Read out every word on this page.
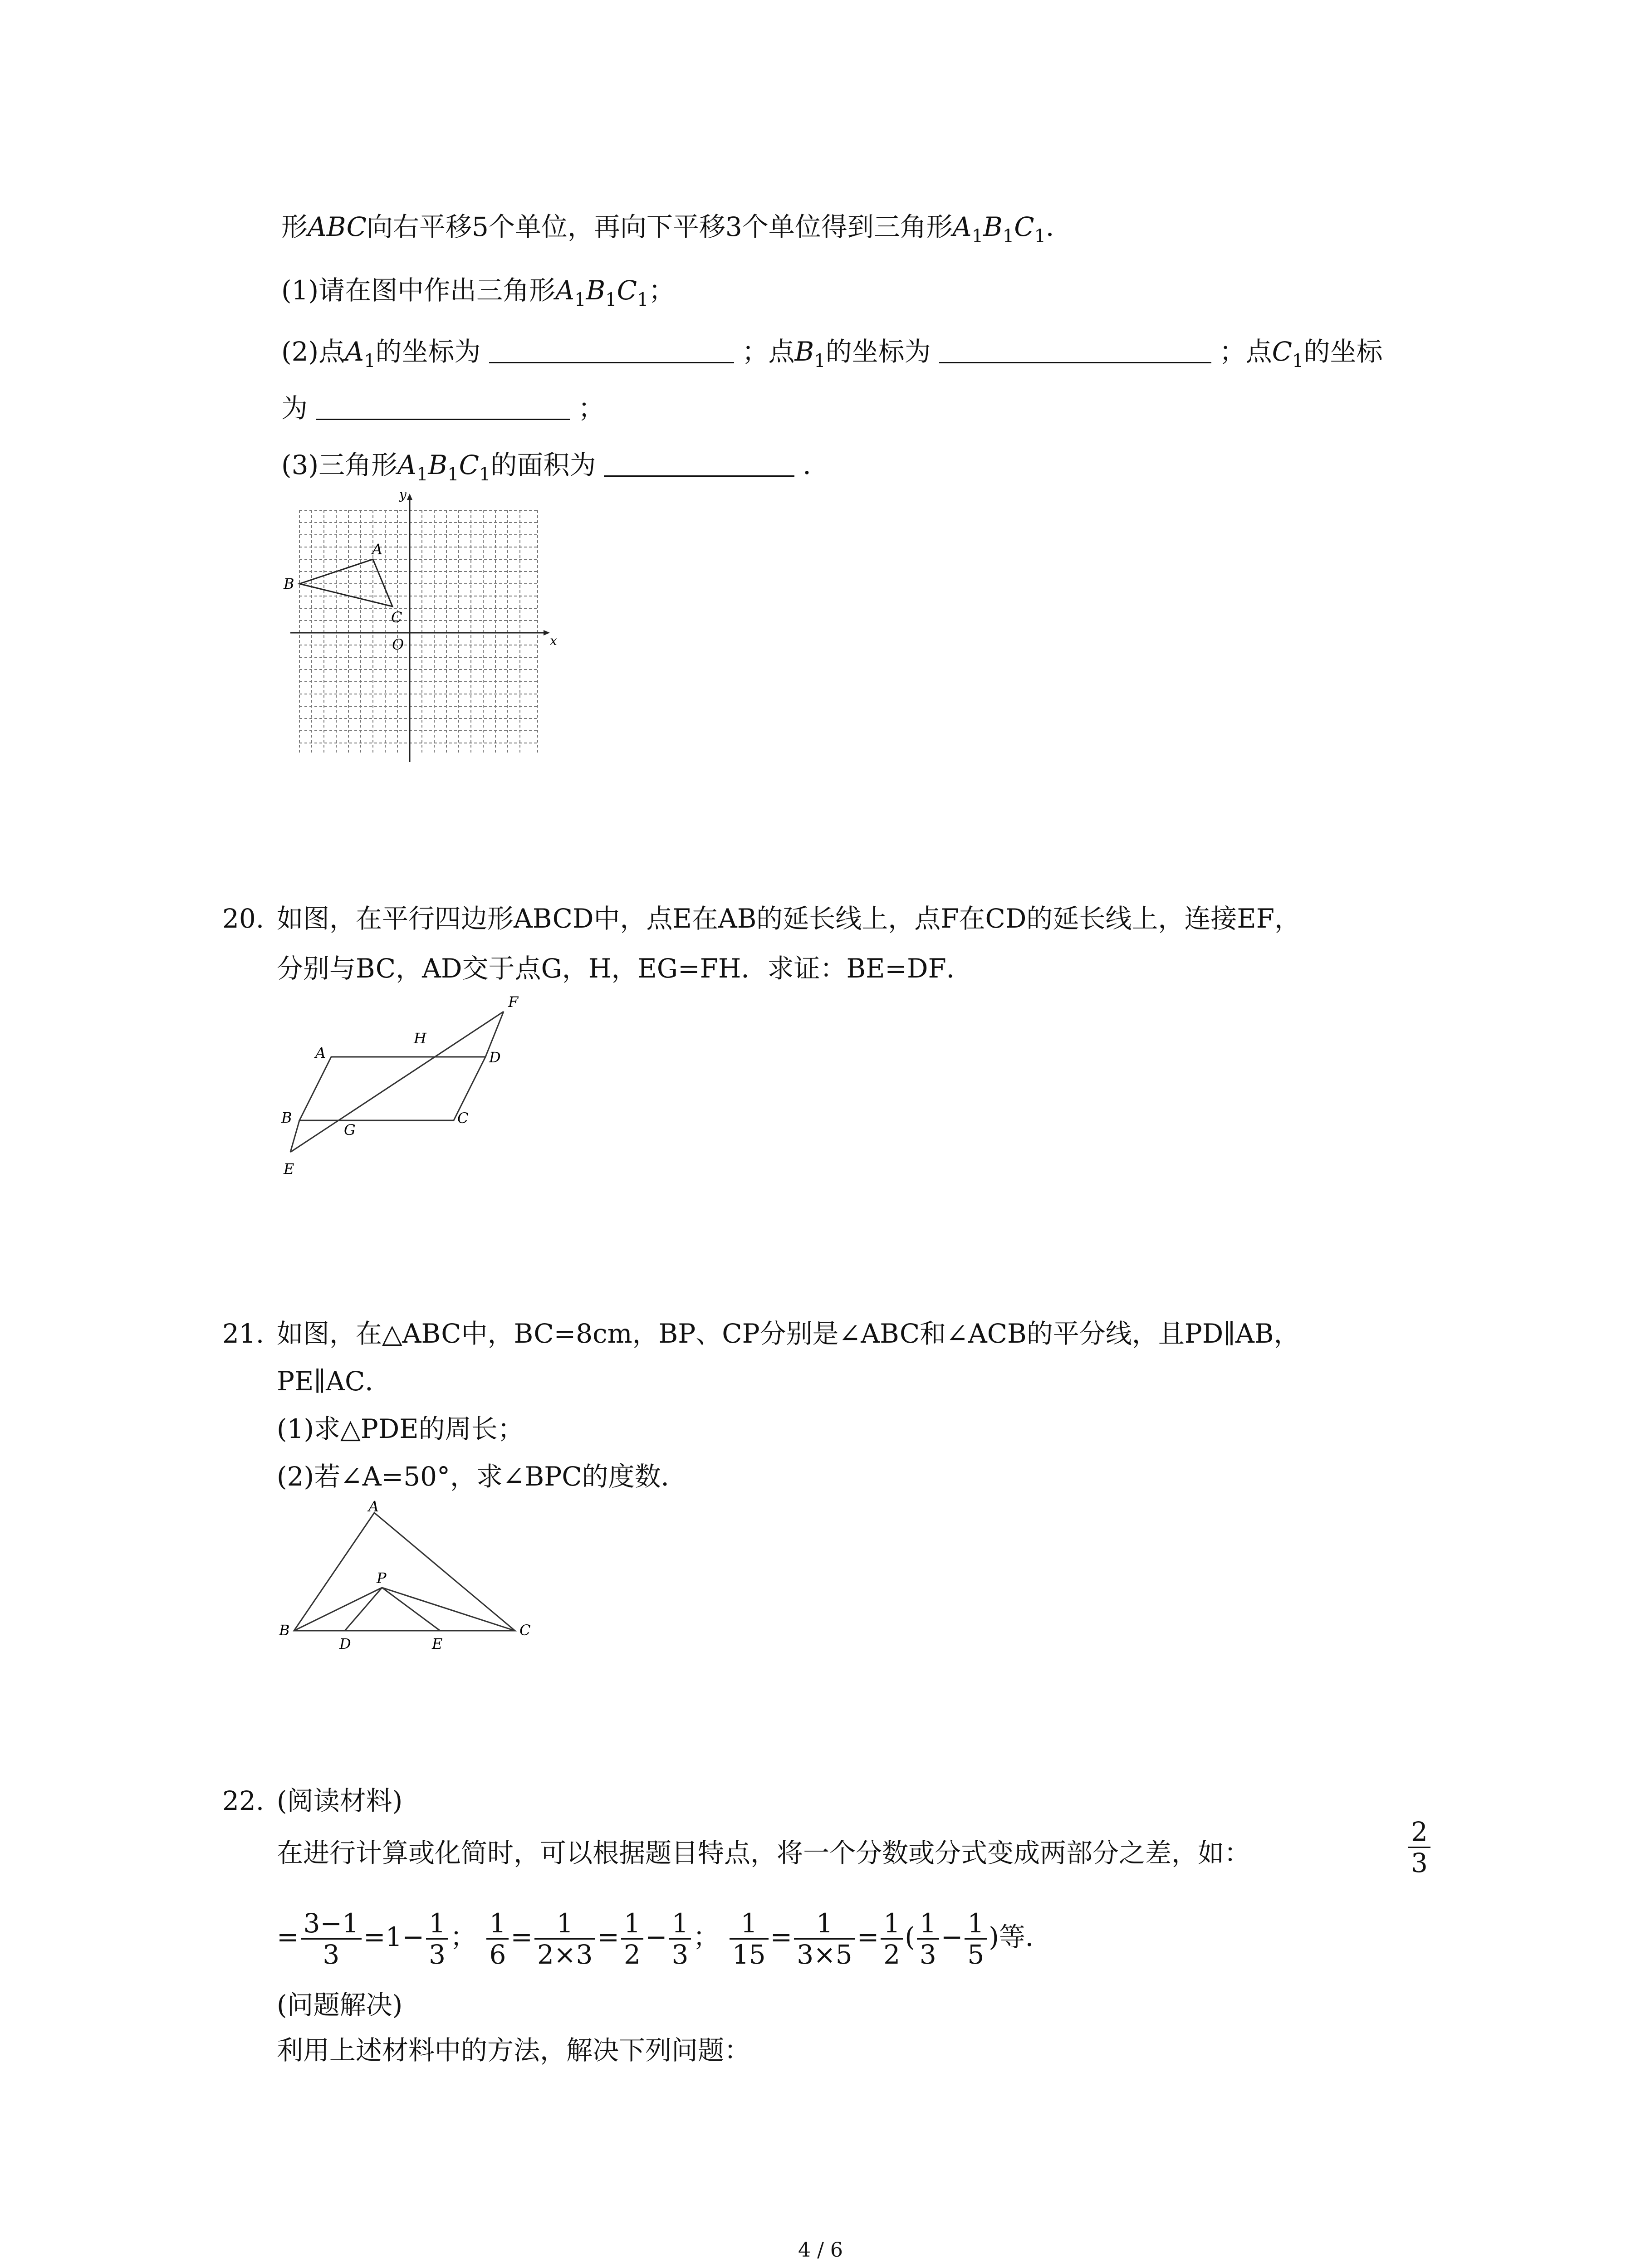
形ABC向右平移5个单位，再向下平移3个单位得到三角形$A_1B_1C_1$．
(1)请在图中作出三角形$A_1B_1C_1$；
(2)点$A_1$的坐标为	；点$B_1$的坐标为	；点$C_1$的坐标
为	；
(3)三角形$A_1B_1C_1$的面积为	．
B
A
C
O	x
y
20. 如图，在平行四边形ABCD中，点E在AB的延长线上，点F在CD的延长线上，连接EF，
分别与BC，AD交于点G，H，EG=FH．求证：BE=DF．
A	D
B	C
G
H
F
E
21. 如图，在△ABC中，BC=8cm，BP、CP分别是∠ABC和∠ACB的平分线，且PD∥AB，
PE∥AC．
(1)求△PDE的周长；
(2)若∠A=50°，求∠BPC的度数．
A
P
B	C
D	E
22. (阅读材料)
在进行计算或化简时，可以根据题目特点，将一个分数或分式变成两部分之差，如：	$\frac{2}{3}$
= $\frac{3-1}{3} =1- \frac{1}{3}$ ； $\frac{1}{6} = \frac{1}{2\times 3} = \frac{1}{2} - \frac{1}{3}$ ； $\frac{1}{15} = \frac{1}{3\times 5} = \frac{1}{2}$ ( $\frac{1}{3} - \frac{1}{5}$ )等．
(问题解决)
利用上述材料中的方法，解决下列问题：
4 / 6
